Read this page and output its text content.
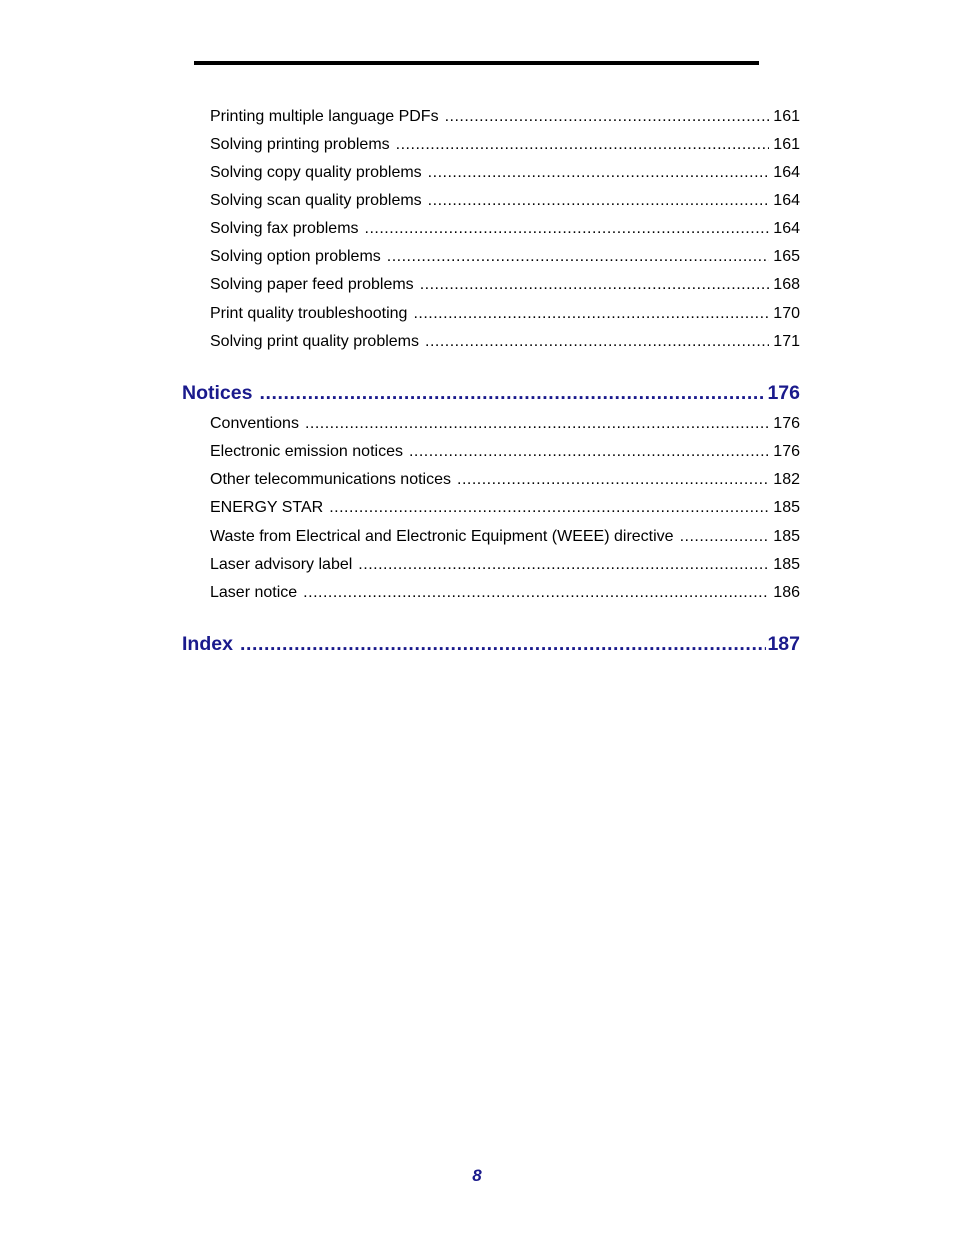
Printing multiple language PDFs .....	161
Solving printing problems .....	161
Solving copy quality problems .....	164
Solving scan quality problems .....	164
Solving fax problems .....	164
Solving option problems .....	165
Solving paper feed problems .....	168
Print quality troubleshooting .....	170
Solving print quality problems .....	171
Notices .....	176
Conventions .....	176
Electronic emission notices .....	176
Other telecommunications notices .....	182
ENERGY STAR .....	185
Waste from Electrical and Electronic Equipment (WEEE) directive .....	185
Laser advisory label .....	185
Laser notice .....	186
Index .....	187
8
